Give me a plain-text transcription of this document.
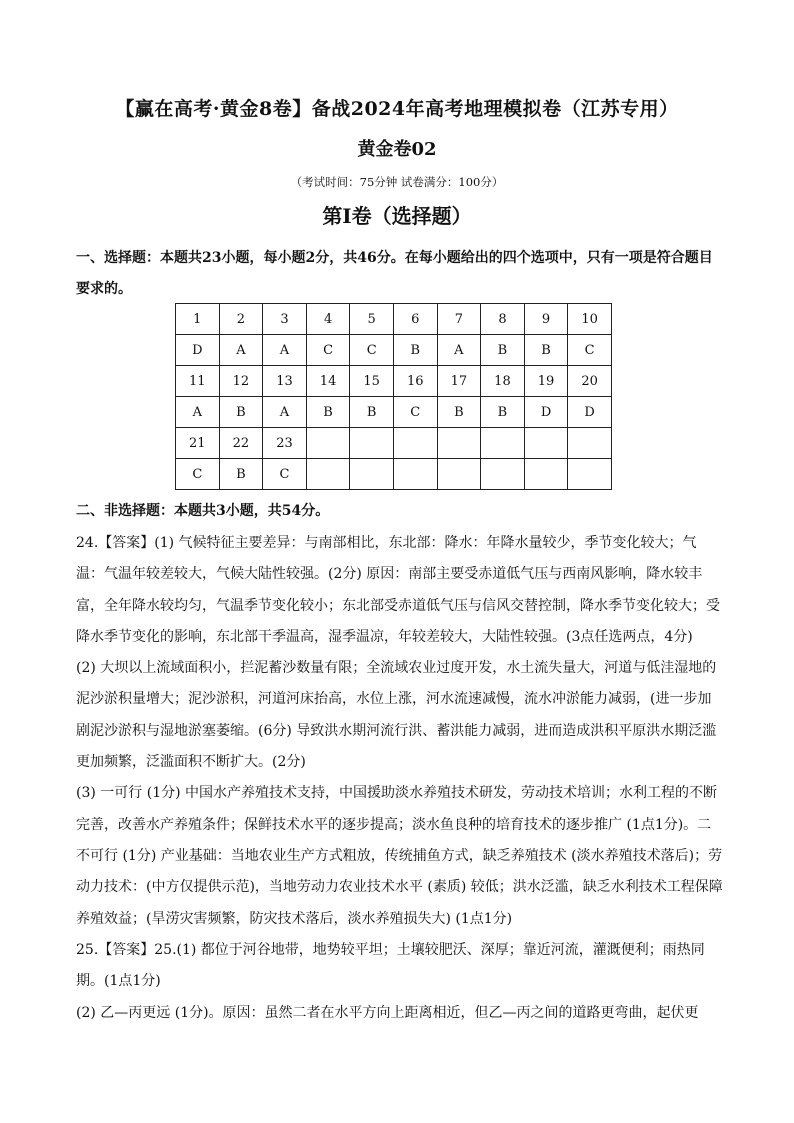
【赢在高考·黄金8卷】备战2024年高考地理模拟卷（江苏专用）
黄金卷02
（考试时间：75分钟 试卷满分：100分）
第Ⅰ卷（选择题）
一、选择题：本题共23小题，每小题2分，共46分。在每小题给出的四个选项中，只有一项是符合题目要求的。
1	2	3	4	5	6	7	8	9	10
D	A	A	C	C	B	A	B	B	C
11	12	13	14	15	16	17	18	19	20
A	B	A	B	B	C	B	B	D	D
21	22	23							
C	B	C							
二、非选择题：本题共3小题，共54分。

24.【答案】(1) 气候特征主要差异：与南部相比，东北部：降水：年降水量较少，季节变化较大；气温：气温年较差较大，气候大陆性较强。(2分) 原因：南部主要受赤道低气压与西南风影响，降水较丰富，全年降水较均匀，气温季节变化较小；东北部受赤道低气压与信风交替控制，降水季节变化较大；受降水季节变化的影响，东北部干季温高，湿季温凉，年较差较大，大陆性较强。(3点任选两点，4分)

(2) 大坝以上流域面积小，拦泥蓄沙数量有限；全流域农业过度开发，水土流失量大，河道与低洼湿地的泥沙淤积量增大；泥沙淤积，河道河床抬高，水位上涨，河水流速减慢，流水冲淤能力减弱，(进一步加剧泥沙淤积与湿地淤塞萎缩。(6分) 导致洪水期河流行洪、蓄洪能力减弱，进而造成洪积平原洪水期泛滥更加频繁，泛滥面积不断扩大。(2分)

(3) 一可行 (1分) 中国水产养殖技术支持，中国援助淡水养殖技术研发，劳动技术培训；水利工程的不断完善，改善水产养殖条件；保鲜技术水平的逐步提高；淡水鱼良种的培育技术的逐步推广 (1点1分)。二不可行 (1分) 产业基础：当地农业生产方式粗放，传统捕鱼方式，缺乏养殖技术 (淡水养殖技术落后)；劳动力技术：(中方仅提供示范)，当地劳动力农业技术水平 (素质) 较低；洪水泛滥，缺乏水利技术工程保障养殖效益；(旱涝灾害频繁，防灾技术落后，淡水养殖损失大) (1点1分)

25.【答案】25.(1) 都位于河谷地带，地势较平坦；土壤较肥沃、深厚；靠近河流，灌溉便利；雨热同期。(1点1分)

(2) 乙—丙更远 (1分)。原因：虽然二者在水平方向上距离相近，但乙—丙之间的道路更弯曲，起伏更
